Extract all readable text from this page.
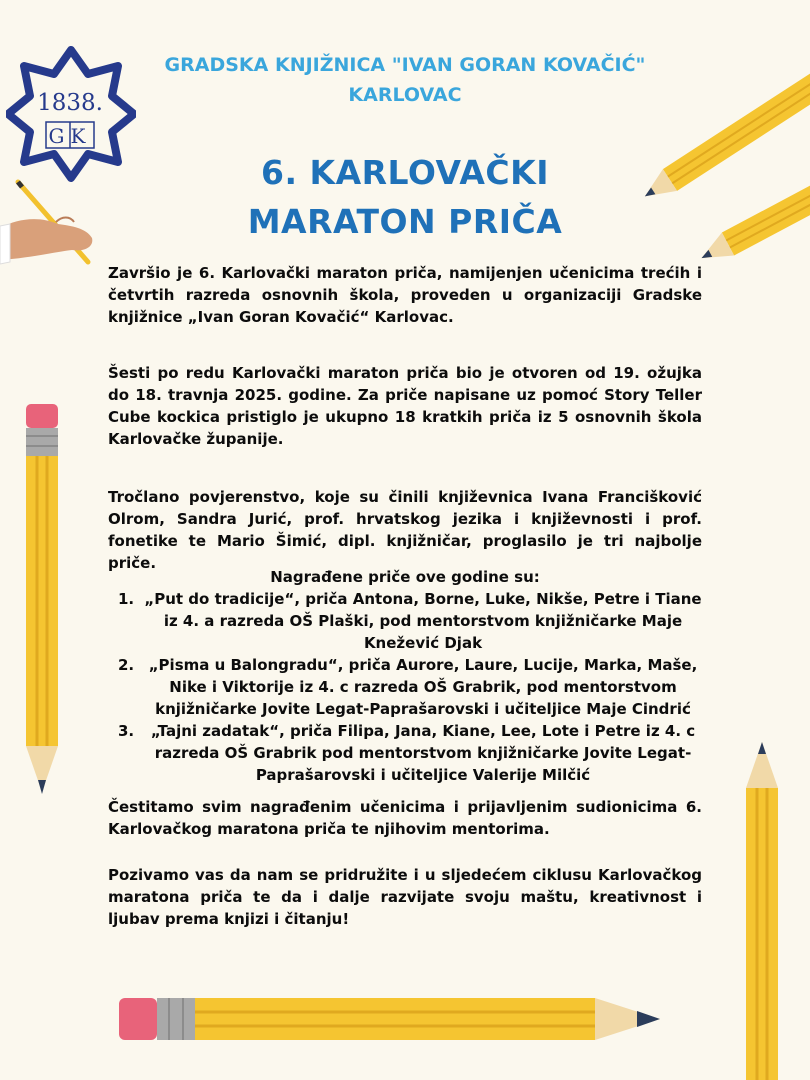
1838.
GK
GRADSKA KNJIŽNICA "IVAN GORAN KOVAČIĆ"
KARLOVAC
6. KARLOVAČKI
MARATON PRIČA
Završio je 6. Karlovački maraton priča, namijenjen učenicima trećih i četvrtih razreda osnovnih škola, proveden u organizaciji Gradske knjižnice „Ivan Goran Kovačić“ Karlovac.
Šesti po redu Karlovački maraton priča bio je otvoren od 19. ožujka do 18. travnja 2025. godine. Za priče napisane uz pomoć Story Teller Cube kockica pristiglo je ukupno 18 kratkih priča iz 5 osnovnih škola Karlovačke županije.
Tročlano povjerenstvo, koje su činili književnica Ivana Francišković Olrom, Sandra Jurić, prof. hrvatskog jezika i književnosti i prof. fonetike te Mario Šimić, dipl. knjižničar, proglasilo je tri najbolje priče.
Nagrađene priče ove godine su:
1. „Put do tradicije“, priča Antona, Borne, Luke, Nikše, Petre i Tiane iz 4. a razreda OŠ Plaški, pod mentorstvom knjižničarke Maje Knežević Djak
2. „Pisma u Balongradu“, priča Aurore, Laure, Lucije, Marka, Maše, Nike i Viktorije iz 4. c razreda OŠ Grabrik, pod mentorstvom knjižničarke Jovite Legat-Paprašarovski i učiteljice Maje Cindrić
3.	„Tajni zadatak“, priča Filipa, Jana, Kiane, Lee, Lote i Petre iz 4. c razreda OŠ Grabrik pod mentorstvom knjižničarke Jovite Legat-Paprašarovski i učiteljice Valerije Milčić
Čestitamo svim nagrađenim učenicima i prijavljenim sudionicima 6. Karlovačkog maratona priča te njihovim mentorima.
Pozivamo vas da nam se pridružite i u sljedećem ciklusu Karlovačkog maratona priča te da i dalje razvijate svoju maštu, kreativnost i ljubav prema knjizi i čitanju!
